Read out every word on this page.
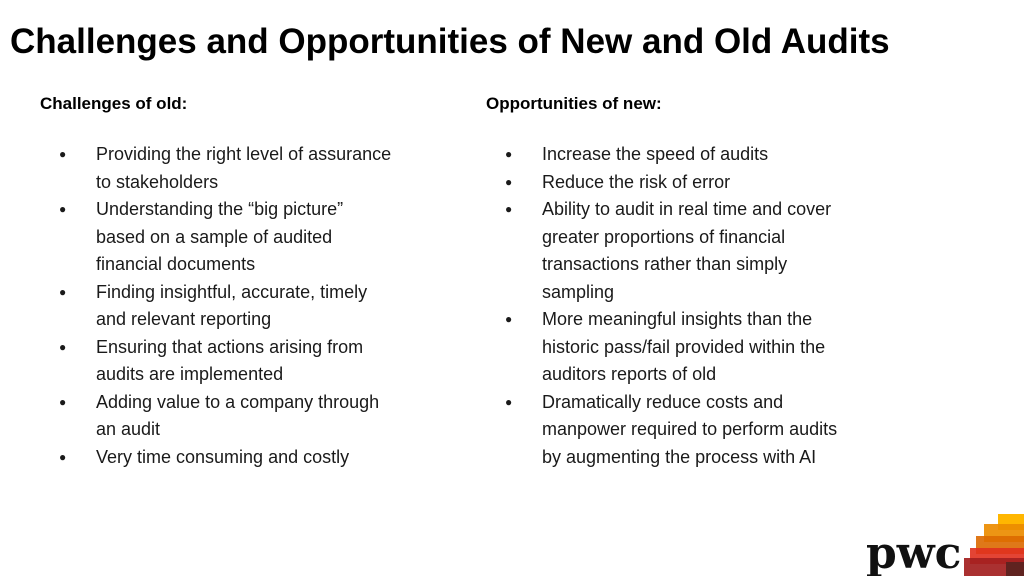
Challenges and Opportunities of New and Old Audits
Challenges of old:
● Providing the right level of assurance to stakeholders
● Understanding the “big picture” based on a sample of audited financial documents
● Finding insightful, accurate, timely and relevant reporting
● Ensuring that actions arising from audits are implemented
● Adding value to a company through an audit
● Very time consuming and costly
Opportunities of new:
● Increase the speed of audits
● Reduce the risk of error
● Ability to audit in real time and cover greater proportions of financial transactions rather than simply sampling
● More meaningful insights than the historic pass/fail provided within the auditors reports of old
● Dramatically reduce costs and manpower required to perform audits by augmenting the process with AI
pwc
